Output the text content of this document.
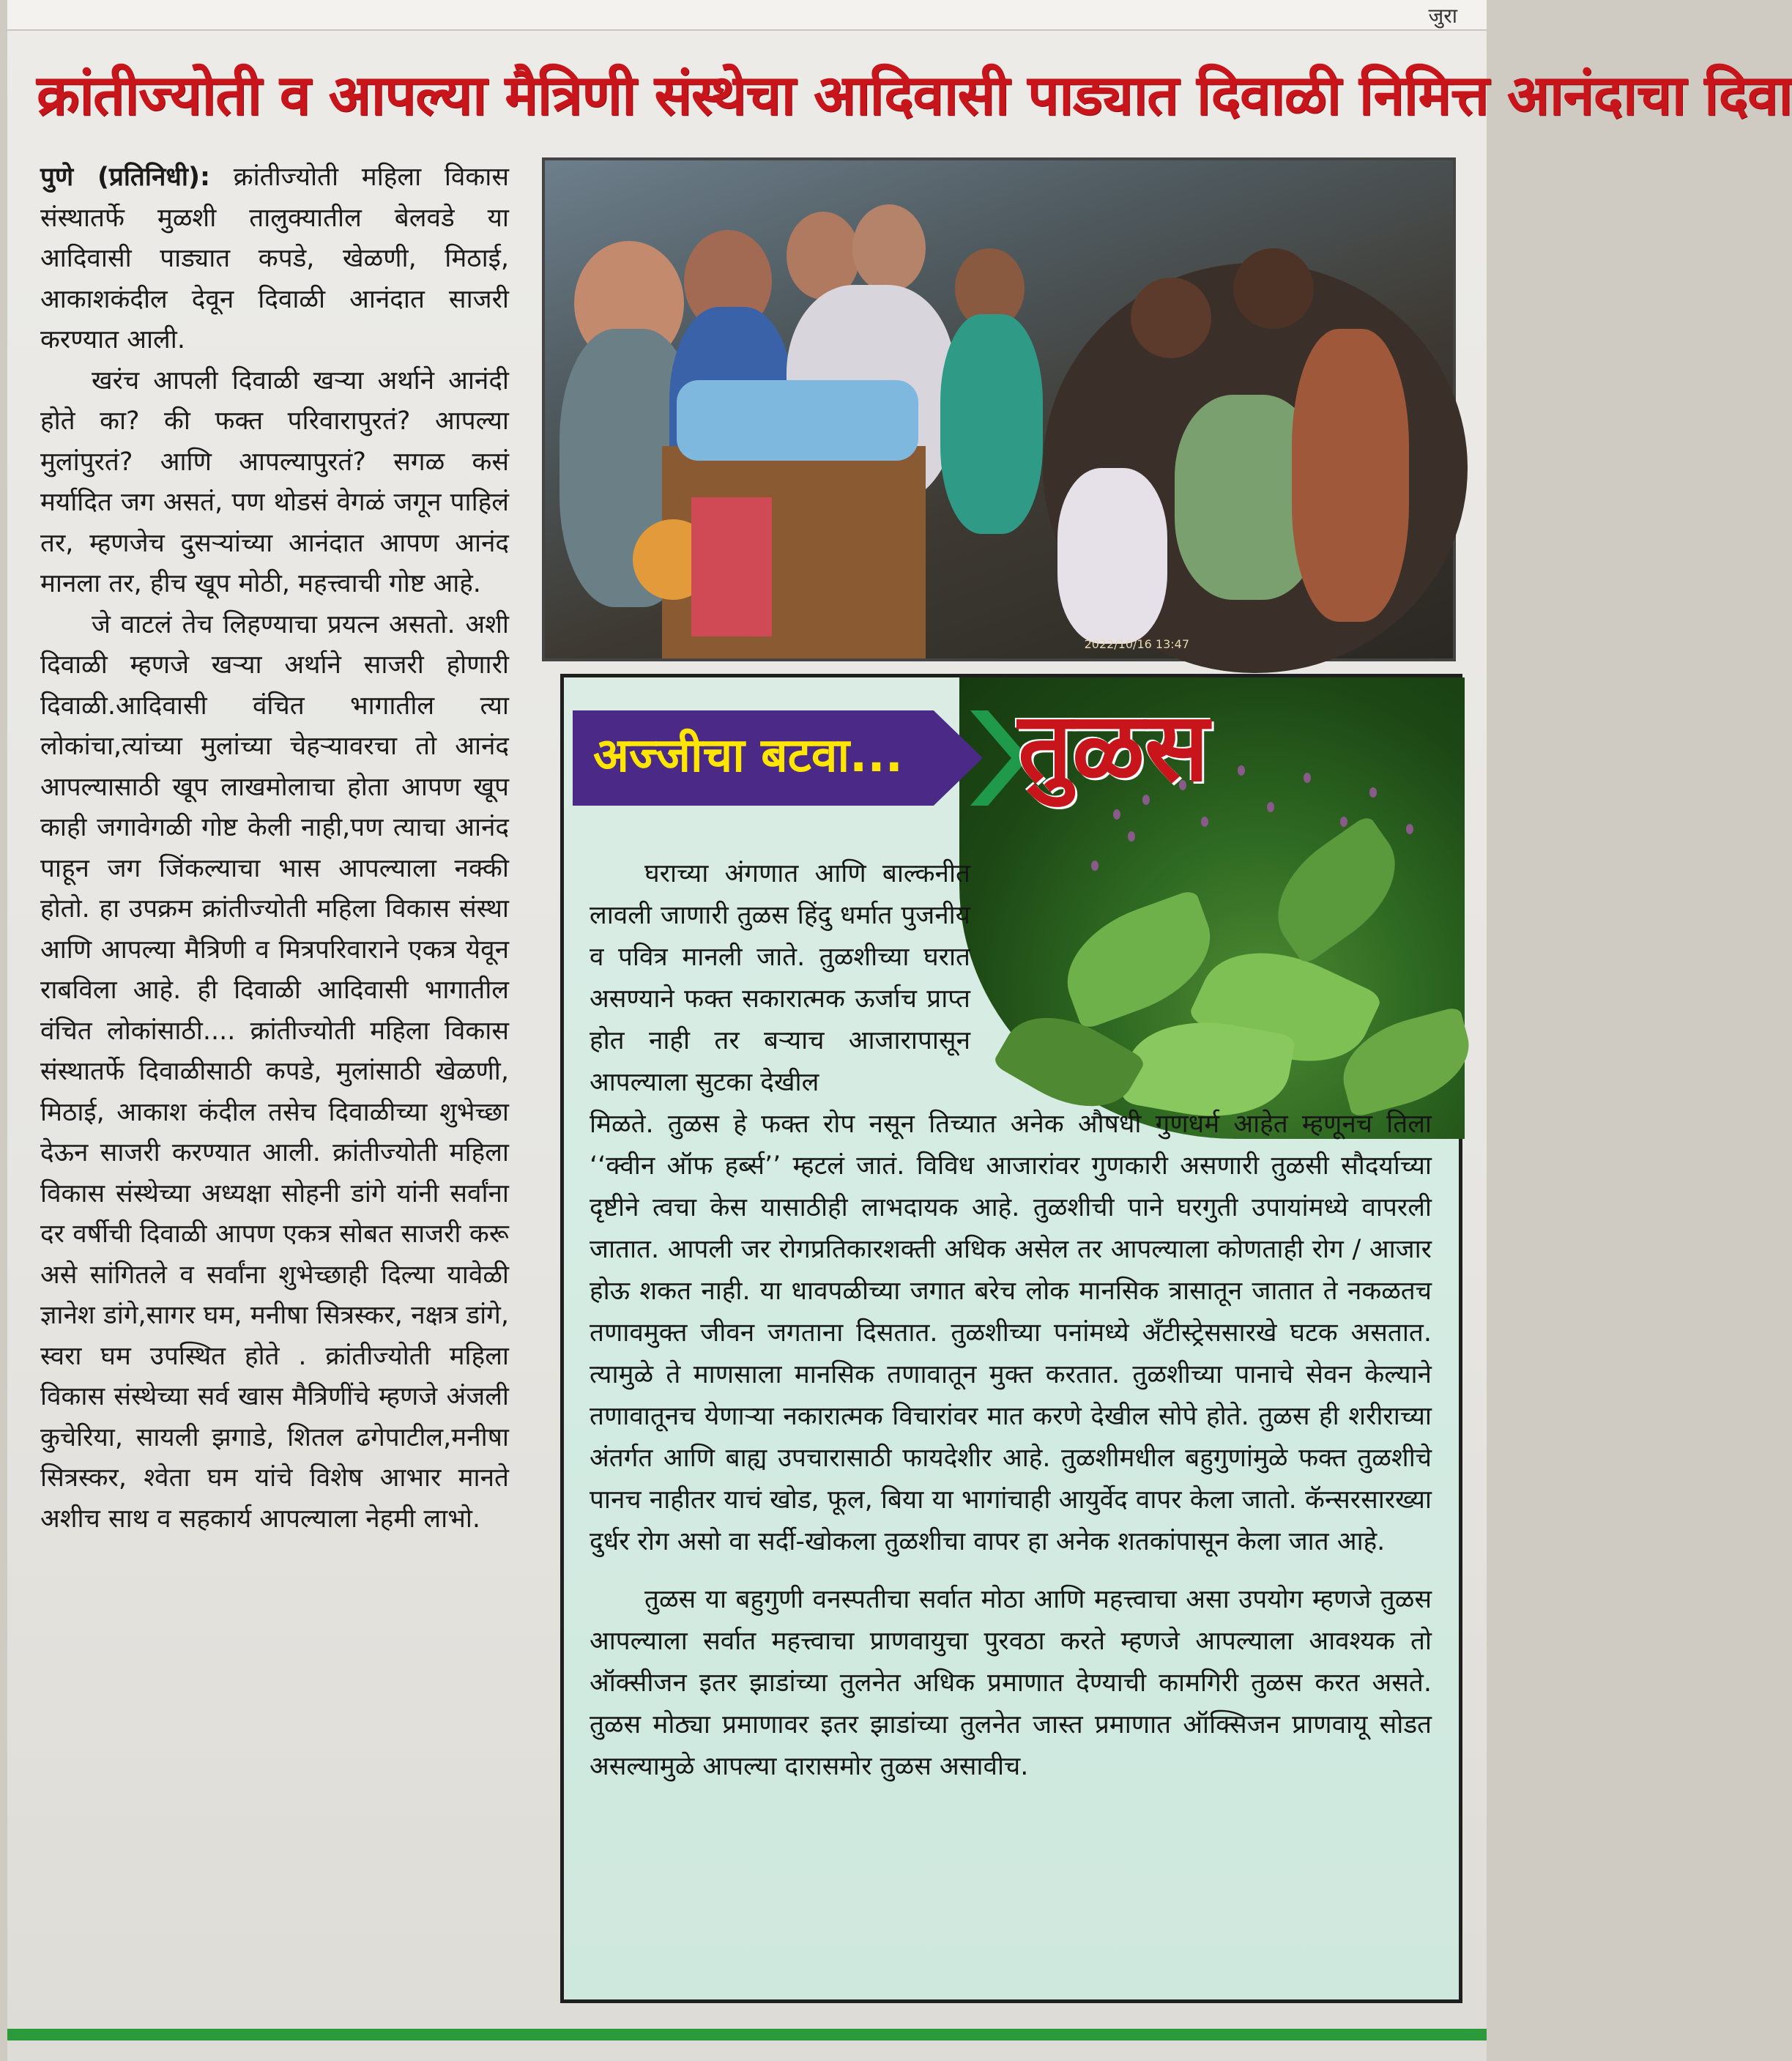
जुरा
क्रांतीज्योती व आपल्या मैत्रिणी संस्थेचा आदिवासी पाड्यात दिवाळी निमित्त आनंदाचा दिवा

पुणे (प्रतिनिधी): क्रांतीज्योती महिला विकास संस्थातर्फे मुळशी तालुक्यातील बेलवडे या आदिवासी पाड्यात कपडे, खेळणी, मिठाई, आकाशकंदील देवून दिवाळी आनंदात साजरी करण्यात आली.

खरंच आपली दिवाळी खऱ्या अर्थाने आनंदी होते का? की फक्त परिवारापुरतं? आपल्या मुलांपुरतं? आणि आपल्यापुरतं? सगळ कसं मर्यादित जग असतं, पण थोडसं वेगळं जगून पाहिलं तर, म्हणजेच दुसऱ्यांच्या आनंदात आपण आनंद मानला तर, हीच खूप मोठी, महत्त्वाची गोष्ट आहे.

जे वाटलं तेच लिहण्याचा प्रयत्न असतो. अशी दिवाळी म्हणजे खऱ्या अर्थाने साजरी होणारी दिवाळी.आदिवासी वंचित भागातील त्या लोकांचा,त्यांच्या मुलांच्या चेहऱ्यावरचा तो आनंद आपल्यासाठी खूप लाखमोलाचा होता आपण खूप काही जगावेगळी गोष्ट केली नाही,पण त्याचा आनंद पाहून जग जिंकल्याचा भास आपल्याला नक्की होतो. हा उपक्रम क्रांतीज्योती महिला विकास संस्था आणि आपल्या मैत्रिणी व मित्रपरिवाराने एकत्र येवून राबविला आहे. ही दिवाळी आदिवासी भागातील वंचित लोकांसाठी.... क्रांतीज्योती महिला विकास संस्थातर्फे दिवाळीसाठी कपडे, मुलांसाठी खेळणी, मिठाई, आकाश कंदील तसेच दिवाळीच्या शुभेच्छा देऊन साजरी करण्यात आली. क्रांतीज्योती महिला विकास संस्थेच्या अध्यक्षा सोहनी डांगे यांनी सर्वांना दर वर्षीची दिवाळी आपण एकत्र सोबत साजरी करू असे सांगितले व सर्वांना शुभेच्छाही दिल्या यावेळी ज्ञानेश डांगे,सागर घम, मनीषा सित्रस्कर, नक्षत्र डांगे, स्वरा घम उपस्थित होते . क्रांतीज्योती महिला विकास संस्थेच्या सर्व खास मैत्रिणींचे म्हणजे अंजली कुचेरिया, सायली झगाडे, शितल ढगेपाटील,मनीषा सित्रस्कर, श्वेता घम यांचे विशेष आभार मानते अशीच साथ व सहकार्य आपल्याला नेहमी लाभो.

2022/10/16 13:47
अज्जीचा बटवा... तुळस

घराच्या अंगणात आणि बाल्कनीत लावली जाणारी तुळस हिंदु धर्मात पुजनीय व पवित्र मानली जाते. तुळशीच्या घरात असण्याने फक्त सकारात्मक ऊर्जाच प्राप्त होत नाही तर बऱ्याच आजारापासून आपल्याला सुटका देखील

मिळते. तुळस हे फक्त रोप नसून तिच्यात अनेक औषधी गुणधर्म आहेत म्हणूनच तिला ‘‘क्वीन ऑफ हर्ब्स’’ म्हटलं जातं. विविध आजारांवर गुणकारी असणारी तुळसी सौदर्याच्या दृष्टीने त्वचा केस यासाठीही लाभदायक आहे. तुळशीची पाने घरगुती उपायांमध्ये वापरली जातात. आपली जर रोगप्रतिकारशक्ती अधिक असेल तर आपल्याला कोणताही रोग / आजार होऊ शकत नाही. या धावपळीच्या जगात बरेच लोक मानसिक त्रासातून जातात ते नकळतच तणावमुक्त जीवन जगताना दिसतात. तुळशीच्या पनांमध्ये अँटीस्ट्रेससारखे घटक असतात. त्यामुळे ते माणसाला मानसिक तणावातून मुक्त करतात. तुळशीच्या पानाचे सेवन केल्याने तणावातूनच येणाऱ्या नकारात्मक विचारांवर मात करणे देखील सोपे होते. तुळस ही शरीराच्या अंतर्गत आणि बाह्य उपचारासाठी फायदेशीर आहे. तुळशीमधील बहुगुणांमुळे फक्त तुळशीचे पानच नाहीतर याचं खोड, फूल, बिया या भागांचाही आयुर्वेद वापर केला जातो. कॅन्सरसारख्या दुर्धर रोग असो वा सर्दी-खोकला तुळशीचा वापर हा अनेक शतकांपासून केला जात आहे.

तुळस या बहुगुणी वनस्पतीचा सर्वात मोठा आणि महत्त्वाचा असा उपयोग म्हणजे तुळस आपल्याला सर्वात महत्त्वाचा प्राणवायुचा पुरवठा करते म्हणजे आपल्याला आवश्यक तो ऑक्सीजन इतर झाडांच्या तुलनेत अधिक प्रमाणात देण्याची कामगिरी तुळस करत असते. तुळस मोठ्या प्रमाणावर इतर झाडांच्या तुलनेत जास्त प्रमाणात ऑक्सिजन प्राणवायू सोडत असल्यामुळे आपल्या दारासमोर तुळस असावीच.
